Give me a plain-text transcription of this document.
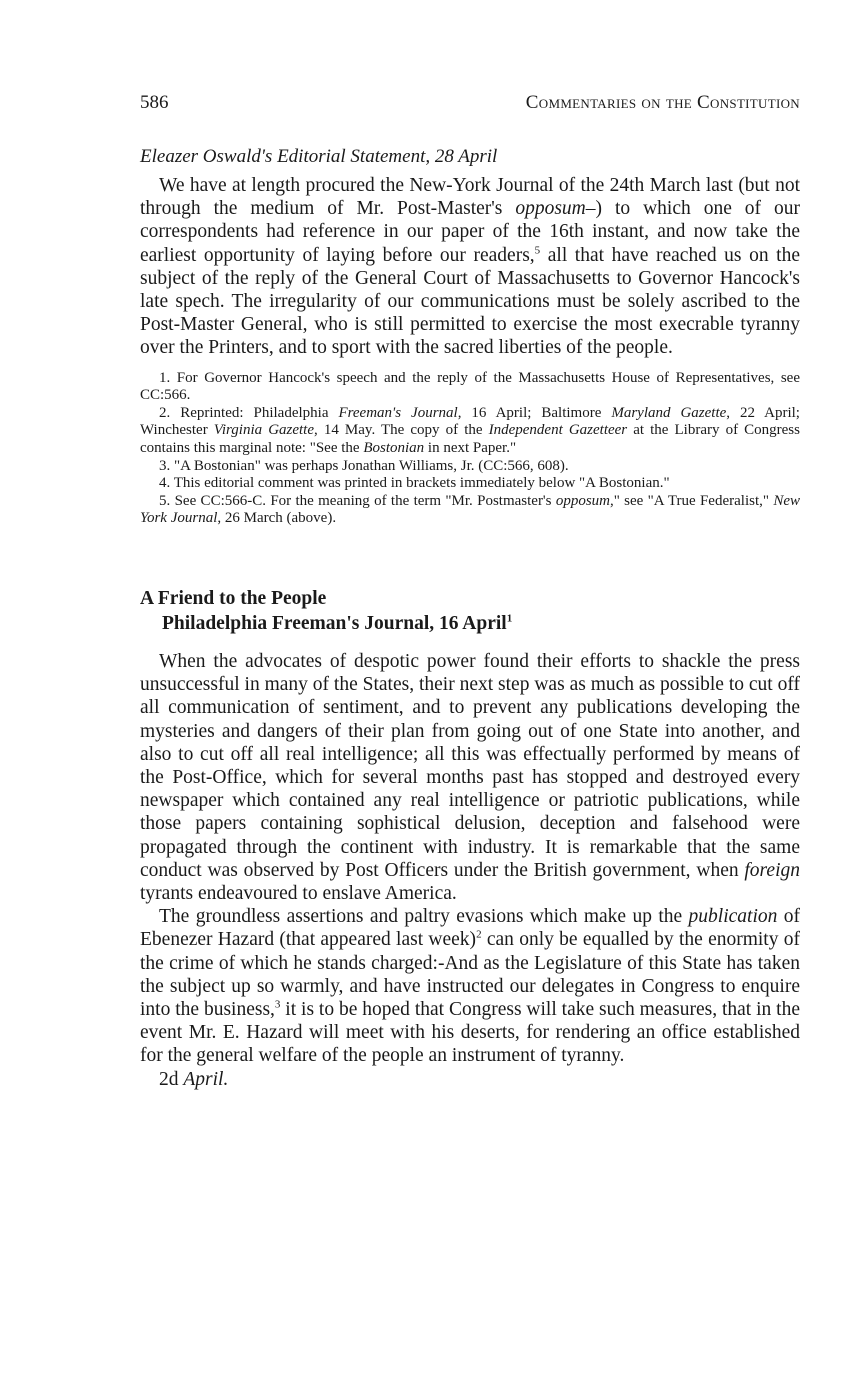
586	Commentaries on the Constitution
Eleazer Oswald's Editorial Statement, 28 April

We have at length procured the New-York Journal of the 24th March last (but not through the medium of Mr. Post-Master's opposum–) to which one of our correspondents had reference in our paper of the 16th instant, and now take the earliest opportunity of laying before our readers,$^5$ all that have reached us on the subject of the reply of the General Court of Massachusetts to Governor Hancock's late spech. The irregularity of our communications must be solely ascribed to the Post-Master General, who is still permitted to exercise the most execrable tyranny over the Printers, and to sport with the sacred liberties of the people.

1. For Governor Hancock's speech and the reply of the Massachusetts House of Representatives, see CC:566.

2. Reprinted: Philadelphia Freeman's Journal, 16 April; Baltimore Maryland Gazette, 22 April; Winchester Virginia Gazette, 14 May. The copy of the Independent Gazetteer at the Library of Congress contains this marginal note: "See the Bostonian in next Paper."

3. "A Bostonian" was perhaps Jonathan Williams, Jr. (CC:566, 608).

4. This editorial comment was printed in brackets immediately below "A Bostonian."

5. See CC:566-C. For the meaning of the term "Mr. Postmaster's opposum," see "A True Federalist," New York Journal, 26 March (above).

A Friend to the People
Philadelphia Freeman's Journal, 16 April$^1$

When the advocates of despotic power found their efforts to shackle the press unsuccessful in many of the States, their next step was as much as possible to cut off all communication of sentiment, and to prevent any publications developing the mysteries and dangers of their plan from going out of one State into another, and also to cut off all real intelligence; all this was effectually performed by means of the Post-Office, which for several months past has stopped and destroyed every newspaper which contained any real intelligence or patriotic publications, while those papers containing sophistical delusion, deception and falsehood were propagated through the continent with industry. It is remarkable that the same conduct was observed by Post Officers under the British government, when foreign tyrants endeavoured to enslave America.

The groundless assertions and paltry evasions which make up the publication of Ebenezer Hazard (that appeared last week)$^2$ can only be equalled by the enormity of the crime of which he stands charged:-And as the Legislature of this State has taken the subject up so warmly, and have instructed our delegates in Congress to enquire into the business,$^3$ it is to be hoped that Congress will take such measures, that in the event Mr. E. Hazard will meet with his deserts, for rendering an office established for the general welfare of the people an instrument of tyranny.

2d April.
